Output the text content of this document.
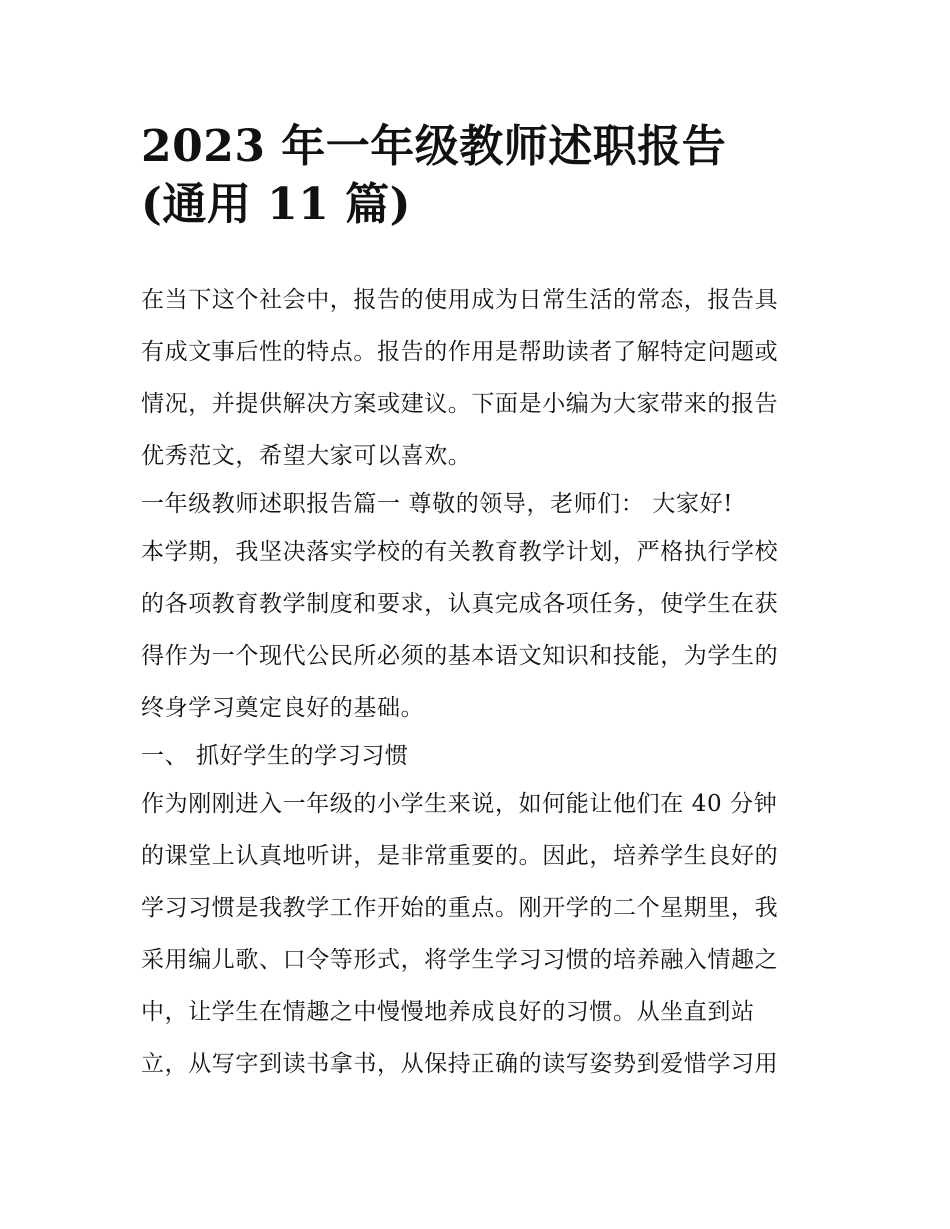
2023 年一年级教师述职报告
(通用 11 篇)
在当下这个社会中，报告的使用成为日常生活的常态，报告具
有成文事后性的特点。报告的作用是帮助读者了解特定问题或
情况，并提供解决方案或建议。下面是小编为大家带来的报告
优秀范文，希望大家可以喜欢。
一年级教师述职报告篇一 尊敬的领导，老师们： 大家好!
本学期，我坚决落实学校的有关教育教学计划，严格执行学校
的各项教育教学制度和要求，认真完成各项任务，使学生在获
得作为一个现代公民所必须的基本语文知识和技能，为学生的
终身学习奠定良好的基础。
一、 抓好学生的学习习惯
作为刚刚进入一年级的小学生来说，如何能让他们在 40 分钟
的课堂上认真地听讲，是非常重要的。因此，培养学生良好的
学习习惯是我教学工作开始的重点。刚开学的二个星期里，我
采用编儿歌、口令等形式，将学生学习习惯的培养融入情趣之
中，让学生在情趣之中慢慢地养成良好的习惯。从坐直到站
立，从写字到读书拿书，从保持正确的读写姿势到爱惜学习用
